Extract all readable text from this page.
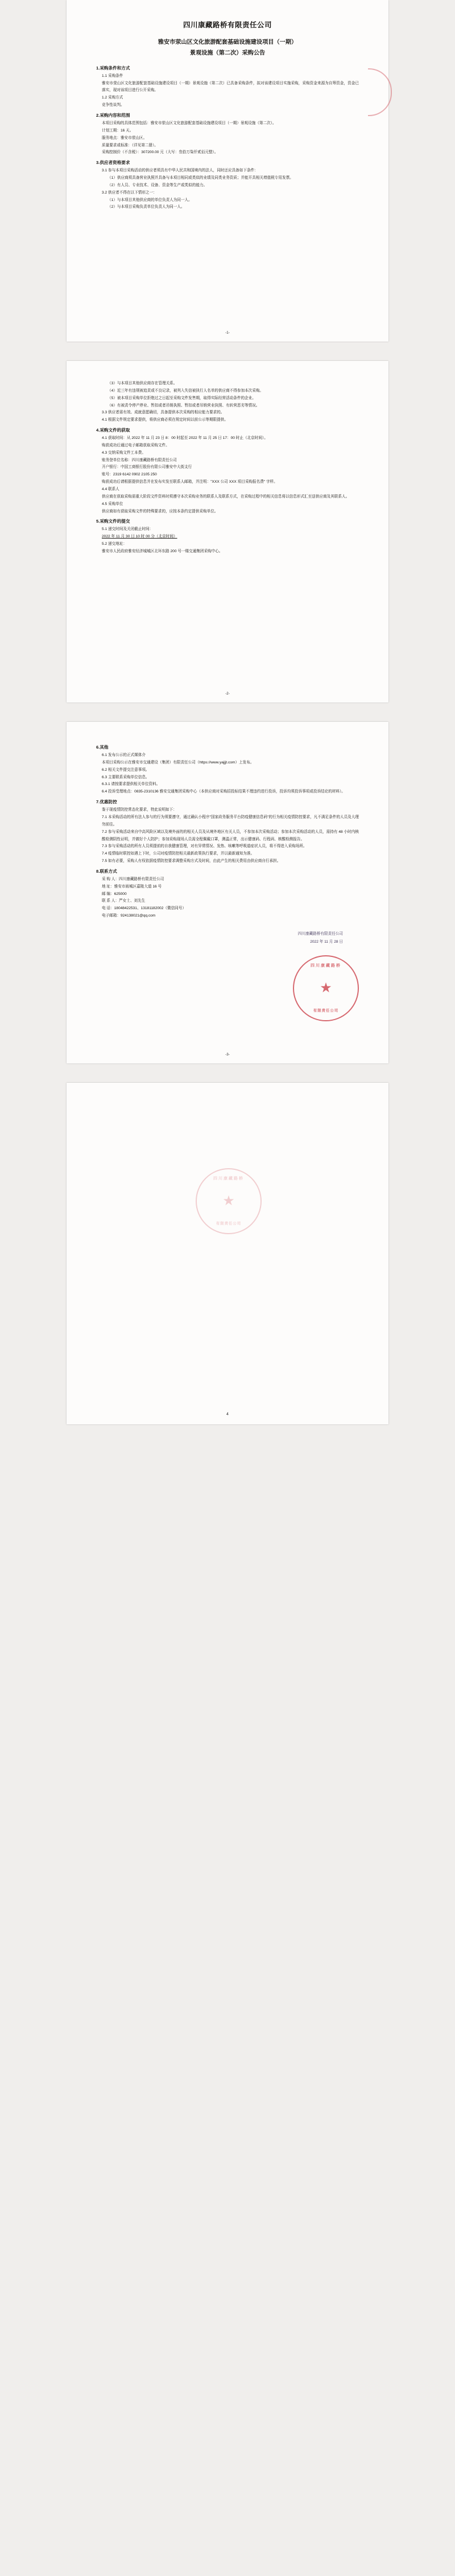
四川康藏路桥有限责任公司
雅安市荥山区文化旅游配套基础设施建设项目（一期）
景观设施（第二次）采购公告
1.采购条件和方式
1.1 采购条件
雅安市荥山区文化旅游配套基础设施建设项目（一期）景观设施（第二次）已具备采购条件，拟对该建设项目实施采购，采购资金来源为自筹资金，资金已落实，现对该项目进行公开采购。
1.2 采购方式
竞争性谈判。
2.采购内容和范围
本项目采购的具体范围包括：雅安市荥山区文化旅游配套基础设施建设项目（一期）景观设施（第二次）。
计划工期：16 天。
服务地点：雅安市荥山区。
质量要求或标准：（详见第二册）。
采购控制价（不含税）：307200.00 元（大写：叁拾万柒仟贰佰元整）。
3.供应者资格要求
3.1 参与本项目采购活动的供应者须具有中华人民共和国境内的法人，同时还应具备如下条件：
（1）供应商须具备营业执照并具备与本项目相同或类似的业绩及同类业务资质；并能开具相关增值税专用发票。
（2）有人员、专业技术、设备、资金等生产或类似的能力。
3.2 供应者不得在以下情形之一：
（1）与本项目其他供应商的单位负责人为同一人。
（2）与本项目采购负责单位负责人为同一人。
-1-
（3）与本项目其他供应商存在管理关系。
（4）近三年有违规被追责或不良记录，被列入失信被执行人名单的供应商不得参加本次采购。
（5）被本项目采购单位拒绝过之日起至采购文件发售期，取得实际经营活动条件的企业。
（6）有被责令停产停业、暂扣或者吊销执照、暂扣或者吊销营业执照、有转营恶劣等情况。
3.3 供应者需有效、成就意愿确切，具备提供本次采购的相应能力要求的。
4.1 根据文件规定要求提供，将供应商必须在规定时间以前公示等期限提供。
4.采购文件的获取
4.1 获取时间：从 2022 年 11 月 23 日 8：00 时起至 2022 年 11 月 25 日 17：00 时止（北京时间）。
购获成功后通过电子邮箱获取采购文件。
4.3 交纳采购文件工本费。
账务登单位名称：四川康藏路桥有限责任公司
开户银行：中国工商银行股份有限公司雅安中大街支行
账号：2319 6142 0902 2105 250
购获成功后请根据提供信息并在发布实发至联系人邮箱，并注明："XXX 公司 XXX 项目采购报名费" 字样。
4.4 联系人
供应商在获取采购需重大阶段文件资料时须遵守本次采购业务的联系人及联系方式，在采购过程中的相关信息将以信息形式汇至送供应商及其联系人。
4.5 采购单位
供应商如有获取采购文件的特殊要求的，应按本条约定提供采购单位。
5.采购文件的提交
5.1 递交时间及关闭截止时间：
2022 年 11 月 30 日 10 时 00 分（北京时间）
5.2 递交地址：
雅安市人民政府雅安经济城城区北环东路 200 号一楼交通集团采购中心。
-2-
6.其他
6.1 发布公示的正式媒体介
本项目采购公示在雅安市交通建设（集团）有限责任公司（https://www.yajjjt.com）上发布。
6.2 相关文件提交注意事项。
6.3 主要联系采购单位信息。
6.3.1 请按要求提供相关单位资料。
6.4 投诉受理地点：0835-2310136 雅安交通集团采购中心（本供应商对采购招投标结果不理违约进行投诉，投诉均须投诉事项或投诉结论的材料）。
7.优惠防控
鉴于现疫情防控常态化要求，特此说明如下：
7.1 本采购活动的所有法人参与的行为须要遵守，通过确认小程序"国家政务服务平台防疫健康信息码"的行为相关疫情防控要求，凡不满足条件的人员及大理勿前往。
7.2 参与采购活动来自中高风险区域以及境外面的的相关人员及从境外地区有关人员，不参加本次采购活动；参加本次采购活动的人员，需持有 48 小时内核酸检测阴性证明，并做好个人防护；参加采购现场人员需全程佩戴口罩，测温正常，出示健康码、行程码、核酸检测报告。
7.3 参与采购活动的所有人员须提前的自我健康管理，对有异常情况、发热、咳嗽等呼吸道症状人员，将不得进入采购场所。
7.4 疫情临时联控如遇上下时，公司对疫情防控相关最新政策执行要求，并以最新通知为准。
7.5 如有必要，采购人有权依据疫情防控要求调整采购方式及时间，由此产生的相关费用由供应商自行承担。
8.联系方式
采 购 人：四川康藏路桥有限责任公司
地 址：雅安市雨城区嘉陵大道 16 号
邮 编：625000
联 系 人：严女士、刘先生
电 话：18048422531、13181182002（微信同号）
电子邮箱：924138021@qq.com
四川康藏路桥有限责任公司
2022 年 11 月 28 日
四川康藏路桥
★
有限责任公司
-3-
四川康藏路桥
★
有限责任公司
4
